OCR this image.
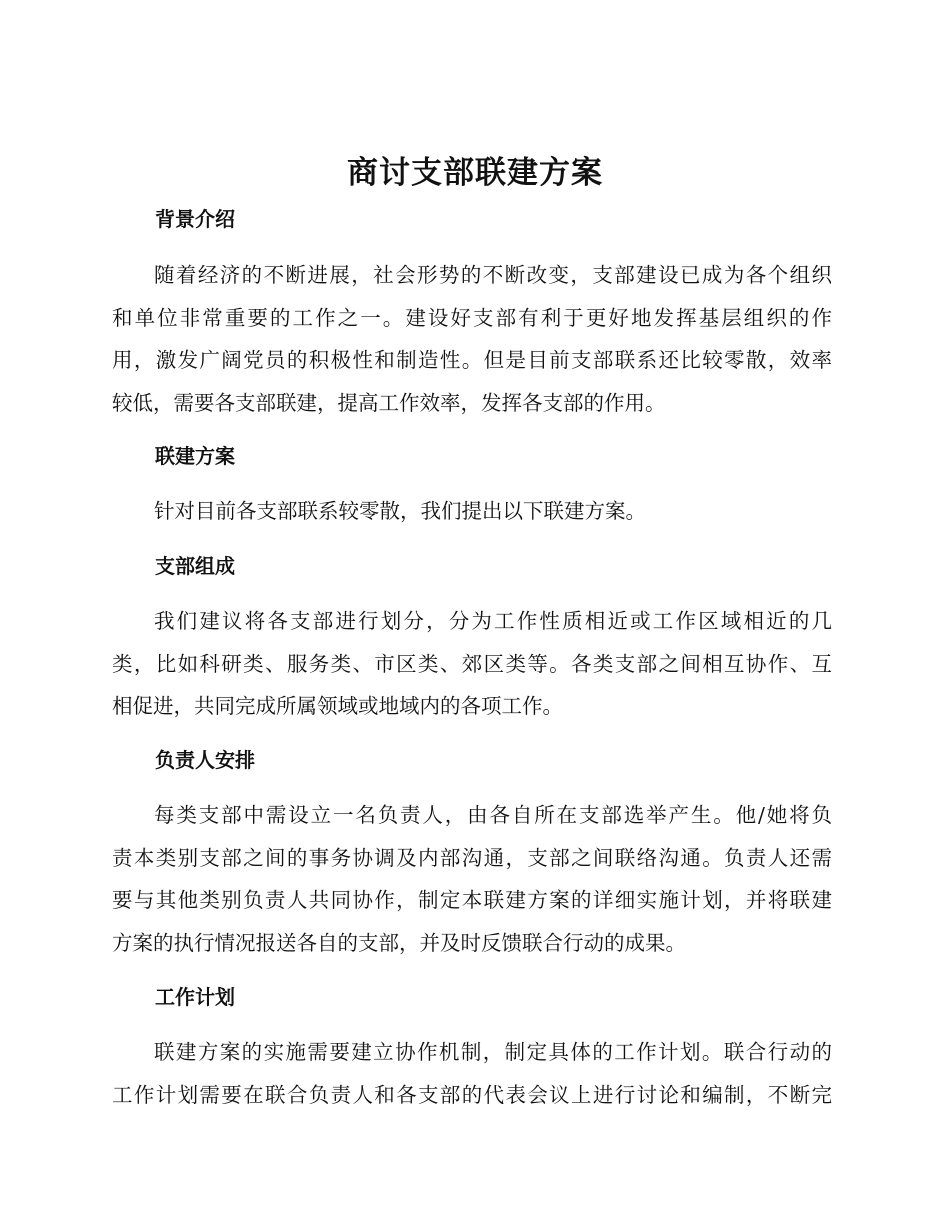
商讨支部联建方案
背景介绍
随着经济的不断进展，社会形势的不断改变，支部建设已成为各个组织
和单位非常重要的工作之一。建设好支部有利于更好地发挥基层组织的作
用，激发广阔党员的积极性和制造性。但是目前支部联系还比较零散，效率
较低，需要各支部联建，提高工作效率，发挥各支部的作用。
联建方案
针对目前各支部联系较零散，我们提出以下联建方案。
支部组成
我们建议将各支部进行划分，分为工作性质相近或工作区域相近的几
类，比如科研类、服务类、市区类、郊区类等。各类支部之间相互协作、互
相促进，共同完成所属领域或地域内的各项工作。
负责人安排
每类支部中需设立一名负责人，由各自所在支部选举产生。他/她将负
责本类别支部之间的事务协调及内部沟通，支部之间联络沟通。负责人还需
要与其他类别负责人共同协作，制定本联建方案的详细实施计划，并将联建
方案的执行情况报送各自的支部，并及时反馈联合行动的成果。
工作计划
联建方案的实施需要建立协作机制，制定具体的工作计划。联合行动的
工作计划需要在联合负责人和各支部的代表会议上进行讨论和编制，不断完
